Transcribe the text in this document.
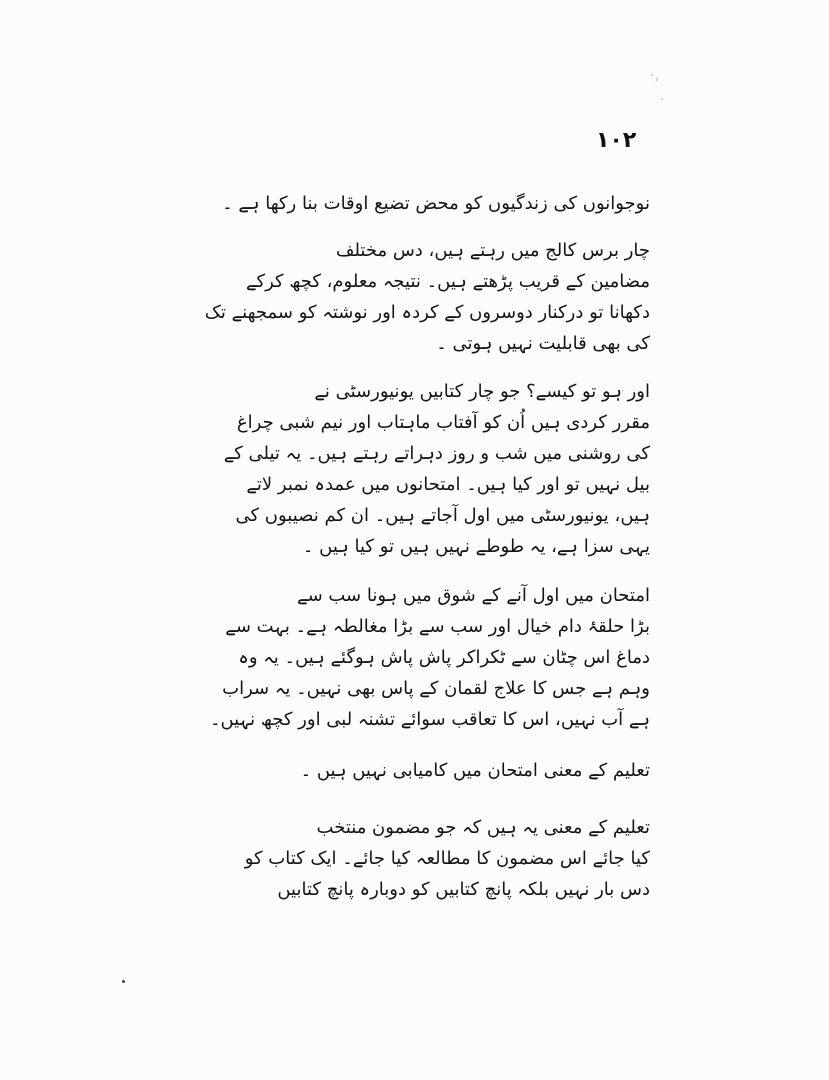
·‚
·
۱۰۲
نوجوانوں کی زندگیوں کو محض تضیع اوقات بنا رکھا ہے ۔
چار برس کالج میں رہتے ہیں، دس مختلف
مضامین کے قریب پڑھتے ہیں۔ نتیجہ معلوم، کچھ کرکے
دکھانا تو درکنار دوسروں کے کردہ اور نوشتہ کو سمجھنے تک
کی بھی قابلیت نہیں ہوتی ۔
اور ہو تو کیسے؟ جو چار کتابیں یونیورسٹی نے
مقرر کردی ہیں اُن کو آفتاب ماہتاب اور نیم شبی چراغ
کی روشنی میں شب و روز دہراتے رہتے ہیں۔ یہ تیلی کے
بیل نہیں تو اور کیا ہیں۔ امتحانوں میں عمدہ نمبر لاتے
ہیں، یونیورسٹی میں اول آجاتے ہیں۔ ان کم نصیبوں کی
یہی سزا ہے، یہ طوطے نہیں ہیں تو کیا ہیں ۔
امتحان میں اول آنے کے شوق میں ہونا سب سے
بڑا حلقۂ دام خیال اور سب سے بڑا مغالطہ ہے۔ بہت سے
دماغ اس چٹان سے ٹکراکر پاش پاش ہوگئے ہیں۔ یہ وہ
وہم ہے جس کا علاج لقمان کے پاس بھی نہیں۔ یہ سراب
ہے آب نہیں، اس کا تعاقب سوائے تشنہ لبی اور کچھ نہیں۔
تعلیم کے معنی امتحان میں کامیابی نہیں ہیں ۔
تعلیم کے معنی یہ ہیں کہ جو مضمون منتخب
کیا جائے اس مضمون کا مطالعہ کیا جائے۔ ایک کتاب کو
دس بار نہیں بلکہ پانچ کتابیں کو دوبارہ پانچ کتابیں
